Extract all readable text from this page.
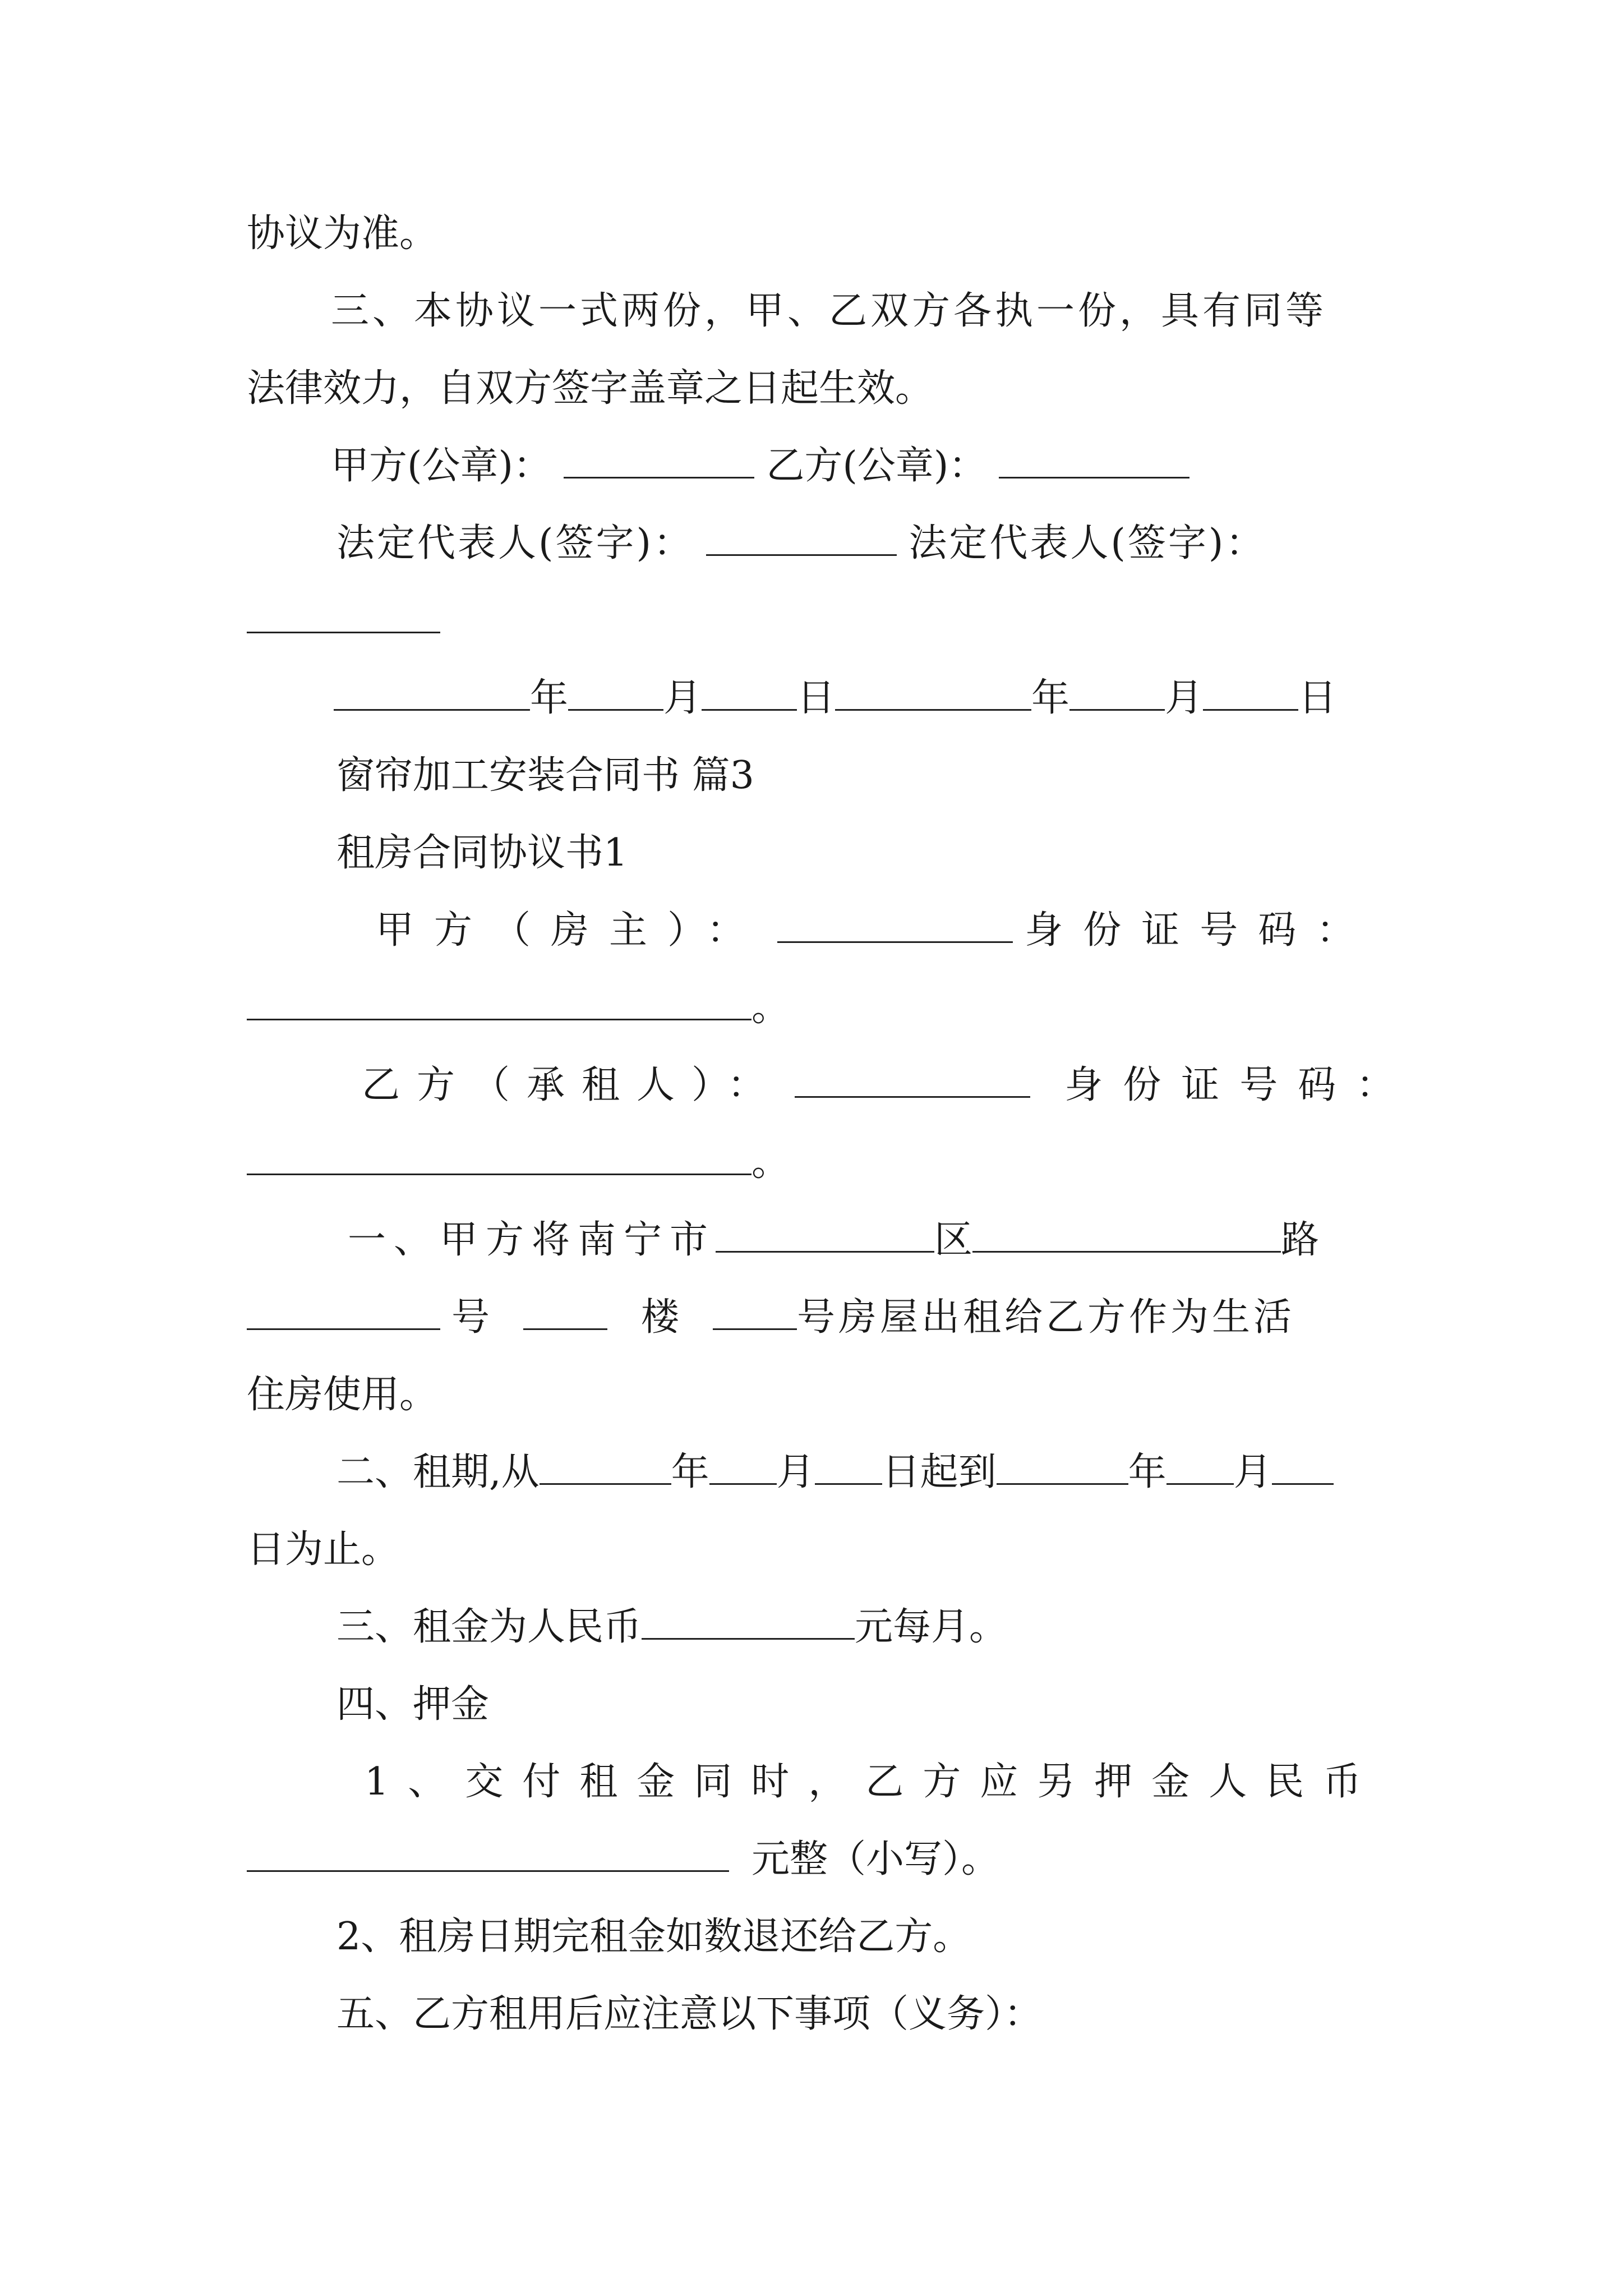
协议为准。
三、本协议一式两份，甲、乙双方各执一份，具有同等
法律效力，自双方签字盖章之日起生效。
甲方(公章)：	乙方(公章)：
法定代表人(签字)：	法定代表人(签字)：
年	月	日	年	月	日
窗帘加工安装合同书 篇3
租房合同协议书1
甲方（房主）：	身份证号码：
。
乙方（承租人）：	身份证号码：
。
一、甲方将南宁市	区	路
号	楼	号房屋出租给乙方作为生活
住房使用。
二、租期,从	年 月 日起到	年 月
日为止。
三、租金为人民币	元每月。
四、押金
1、交付租金同时，乙方应另押金人民币
元整（小写）。
2、租房日期完租金如数退还给乙方。
五、乙方租用后应注意以下事项（义务）：
